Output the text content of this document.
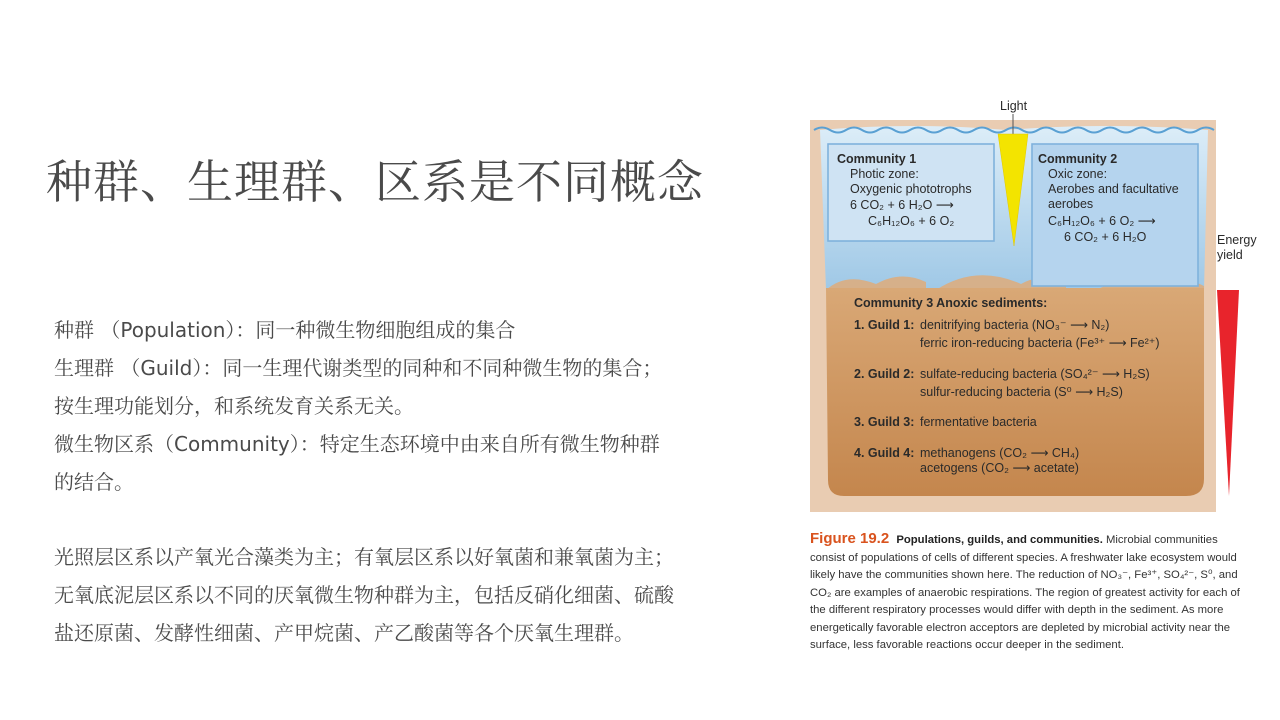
种群、生理群、区系是不同概念

种群 （Population）：同一种微生物细胞组成的集合

生理群 （Guild）：同一生理代谢类型的同种和不同种微生物的集合；

按生理功能划分，和系统发育关系无关。

微生物区系（Community）：特定生态环境中由来自所有微生物种群

的结合。

光照层区系以产氧光合藻类为主；有氧层区系以好氧菌和兼氧菌为主；

无氧底泥层区系以不同的厌氧微生物种群为主，包括反硝化细菌、硫酸

盐还原菌、发酵性细菌、产甲烷菌、产乙酸菌等各个厌氧生理群。

Community 1
Photic zone:
Oxygenic phototrophs
6 CO₂ + 6 H₂O ⟶
C₆H₁₂O₆ + 6 O₂
Community 2
Oxic zone:
Aerobes and facultative
aerobes
C₆H₁₂O₆ + 6 O₂ ⟶
6 CO₂ + 6 H₂O
Light
Energy
yield
Community 3 Anoxic sediments:
1. Guild 1: denitrifying bacteria (NO₃⁻ ⟶ N₂)
ferric iron-reducing bacteria (Fe³⁺ ⟶ Fe²⁺)
2. Guild 2: sulfate-reducing bacteria (SO₄²⁻ ⟶ H₂S)
sulfur-reducing bacteria (S⁰ ⟶ H₂S)
3. Guild 3: fermentative bacteria
4. Guild 4: methanogens (CO₂ ⟶ CH₄)
acetogens (CO₂ ⟶ acetate)
Figure 19.2 Populations, guilds, and communities. Microbial communities
consist of populations of cells of different species. A freshwater lake ecosystem would
likely have the communities shown here. The reduction of NO₃⁻, Fe³⁺, SO₄²⁻, S⁰, and
CO₂ are examples of anaerobic respirations. The region of greatest activity for each of
the different respiratory processes would differ with depth in the sediment. As more
energetically favorable electron acceptors are depleted by microbial activity near the
surface, less favorable reactions occur deeper in the sediment.
